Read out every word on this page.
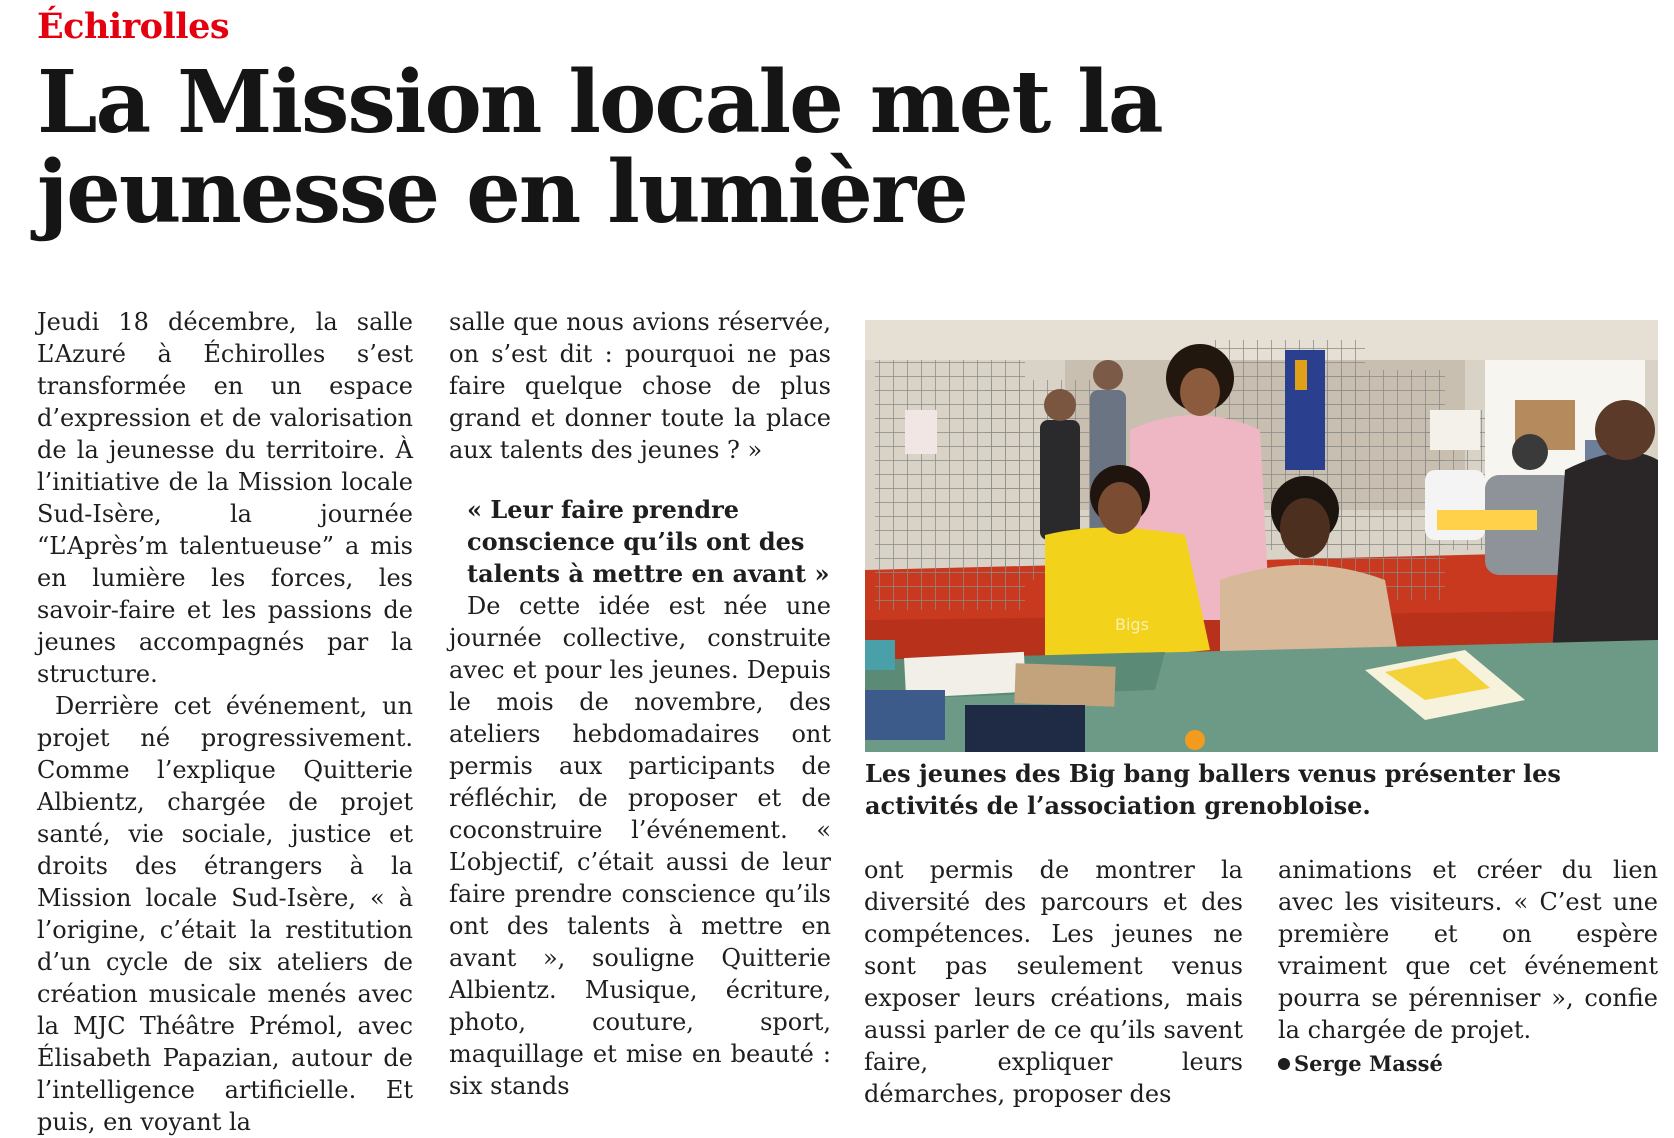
Échirolles
La Mission locale met la jeunesse en lumière

Jeudi 18 décembre, la salle L’Azuré à Échirolles s’est transformée en un espace d’expression et de valorisation de la jeunesse du territoire. À l’initiative de la Mission locale Sud-Isère, la journée “L’Après’m talentueuse” a mis en lumière les forces, les savoir-faire et les passions de jeunes accompagnés par la structure.

Derrière cet événement, un projet né progressivement. Comme l’explique Quitterie Albientz, chargée de projet santé, vie sociale, justice et droits des étrangers à la Mission locale Sud-Isère, « à l’origine, c’était la restitution d’un cycle de six ateliers de création musicale menés avec la MJC Théâtre Prémol, avec Élisabeth Papazian, autour de l’intelligence artificielle. Et puis, en voyant la

salle que nous avions réservée, on s’est dit : pourquoi ne pas faire quelque chose de plus grand et donner toute la place aux talents des jeunes ? »

« Leur faire prendre conscience qu’ils ont des talents à mettre en avant »

De cette idée est née une journée collective, construite avec et pour les jeunes. Depuis le mois de novembre, des ateliers hebdomadaires ont permis aux participants de réfléchir, de proposer et de coconstruire l’événement. « L’objectif, c’était aussi de leur faire prendre conscience qu’ils ont des talents à mettre en avant », souligne Quitterie Albientz. Musique, écriture, photo, couture, sport, maquillage et mise en beauté : six stands

Bigs
Les jeunes des Big bang ballers venus présenter les activités de l’association grenobloise.

ont permis de montrer la diversité des parcours et des compétences. Les jeunes ne sont pas seulement venus exposer leurs créations, mais aussi parler de ce qu’ils savent faire, expliquer leurs démarches, proposer des

animations et créer du lien avec les visiteurs. « C’est une première et on espère vraiment que cet événement pourra se pérenniser », confie la chargée de projet.

Serge Massé
